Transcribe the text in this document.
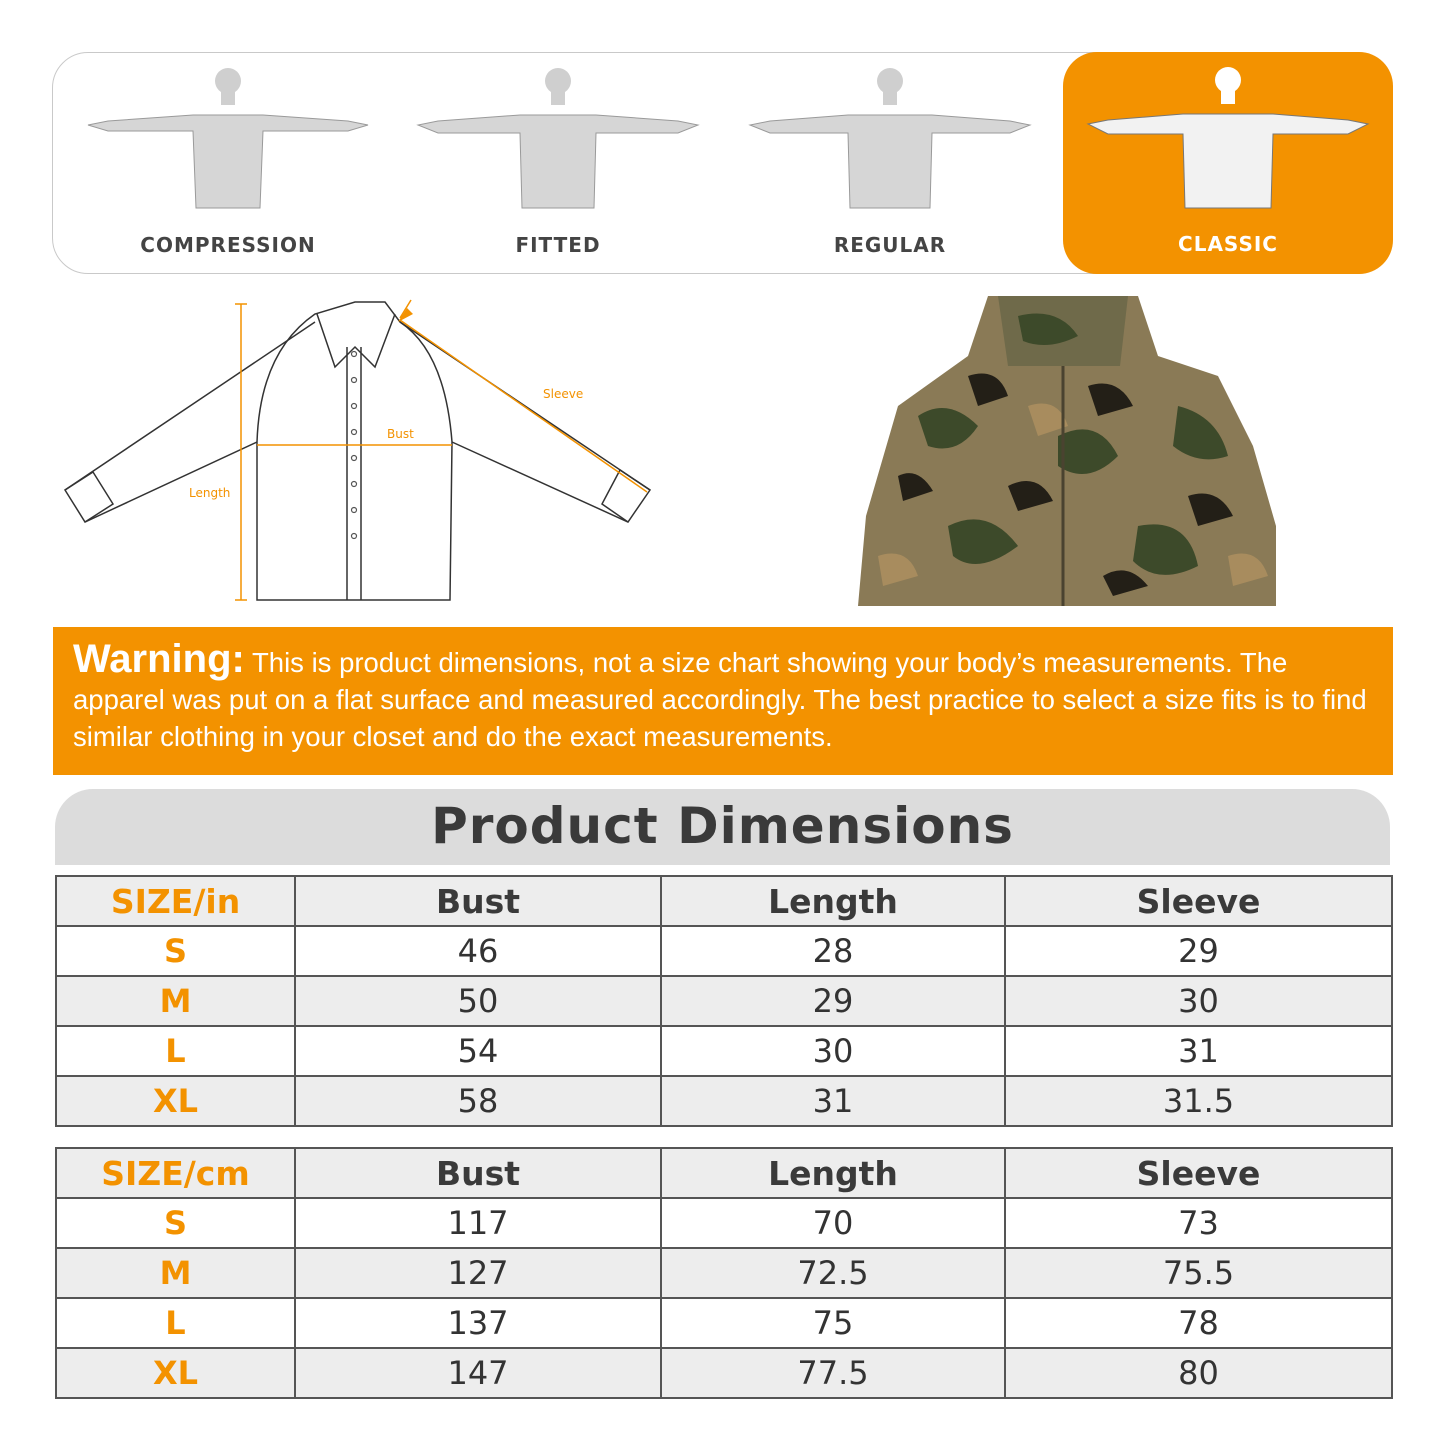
COMPRESSION	FITTED	REGULAR	CLASSIC
Sleeve
Bust
Length
Warning: This is product dimensions, not a size chart showing your body’s measurements. The apparel was put on a flat surface and measured accordingly. The best practice to select a size fits is to find similar clothing in your closet and do the exact measurements.
Product Dimensions
SIZE/in	Bust	Length	Sleeve
S	46	28	29
M	50	29	30
L	54	30	31
XL	58	31	31.5
SIZE/cm	Bust	Length	Sleeve
S	117	70	73
M	127	72.5	75.5
L	137	75	78
XL	147	77.5	80
